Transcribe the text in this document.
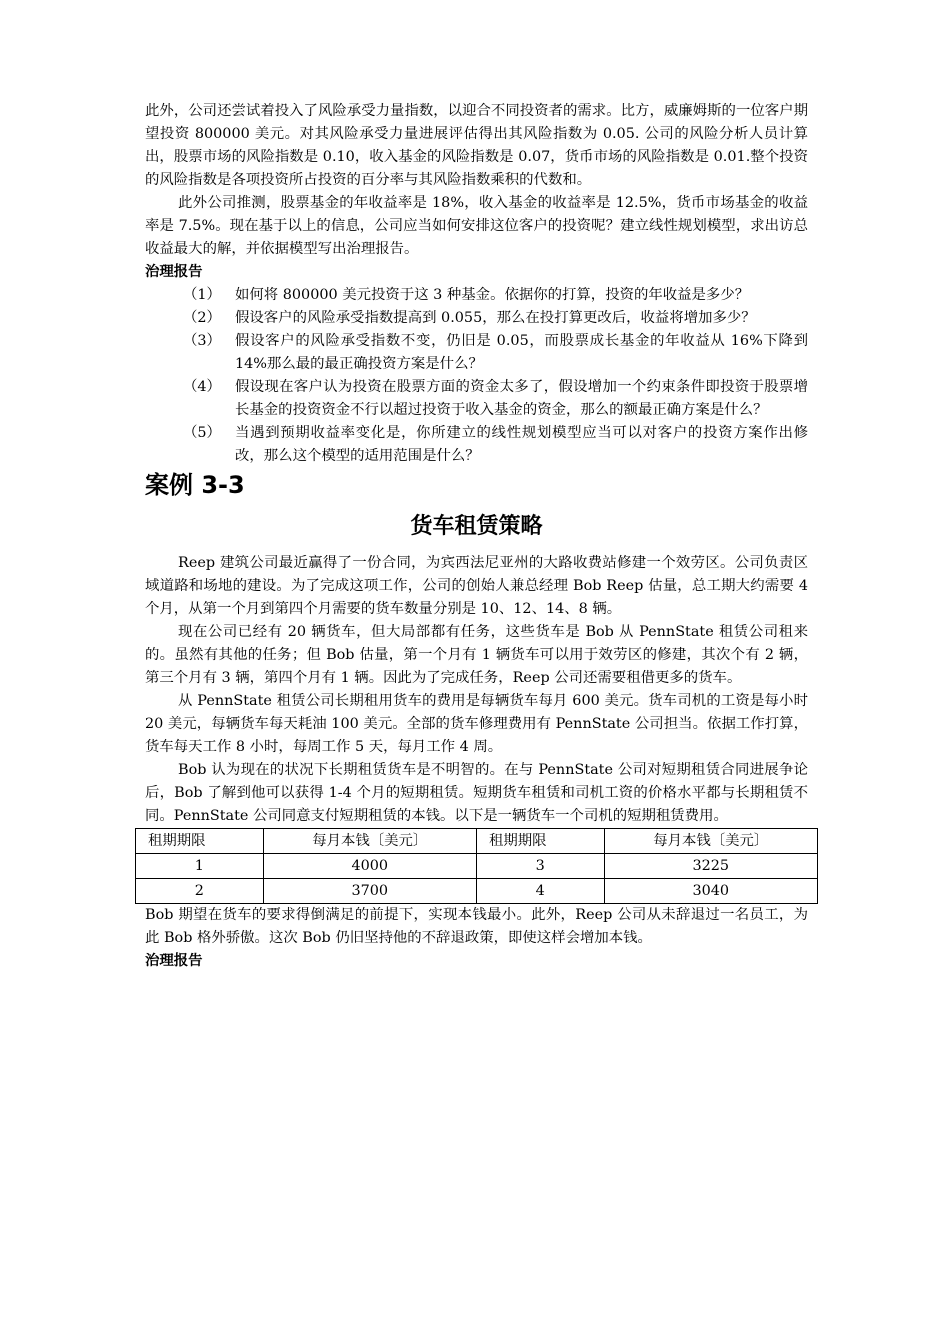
此外，公司还尝试着投入了风险承受力量指数，以迎合不同投资者的需求。比方，威廉姆斯的一位客户期望投资 800000 美元。对其风险承受力量进展评估得出其风险指数为 0.05. 公司的风险分析人员计算出，股票市场的风险指数是 0.10，收入基金的风险指数是 0.07，货币市场的风险指数是 0.01.整个投资的风险指数是各项投资所占投资的百分率与其风险指数乘积的代数和。

此外公司推测，股票基金的年收益率是 18%，收入基金的收益率是 12.5%，货币市场基金的收益率是 7.5%。现在基于以上的信息，公司应当如何安排这位客户的投资呢？建立线性规划模型，求出访总收益最大的解，并依据模型写出治理报告。

治理报告
（1） 如何将 800000 美元投资于这 3 种基金。依据你的打算，投资的年收益是多少？
（2） 假设客户的风险承受指数提高到 0.055，那么在投打算更改后，收益将增加多少？
（3） 假设客户的风险承受指数不变，仍旧是 0.05，而股票成长基金的年收益从 16%下降到 14%那么最的最正确投资方案是什么？
（4） 假设现在客户认为投资在股票方面的资金太多了，假设增加一个约束条件即投资于股票增长基金的投资资金不行以超过投资于收入基金的资金，那么的额最正确方案是什么？
（5） 当遇到预期收益率变化是，你所建立的线性规划模型应当可以对客户的投资方案作出修改，那么这个模型的适用范围是什么？
案例 3-3
货车租赁策略

Reep 建筑公司最近赢得了一份合同，为宾西法尼亚州的大路收费站修建一个效劳区。公司负责区域道路和场地的建设。为了完成这项工作，公司的创始人兼总经理 Bob Reep 估量，总工期大约需要 4 个月，从第一个月到第四个月需要的货车数量分别是 10、12、14、8 辆。

现在公司已经有 20 辆货车，但大局部都有任务，这些货车是 Bob 从 PennState 租赁公司租来的。虽然有其他的任务；但 Bob 估量，第一个月有 1 辆货车可以用于效劳区的修建，其次个有 2 辆，第三个月有 3 辆，第四个月有 1 辆。因此为了完成任务，Reep 公司还需要租借更多的货车。

从 PennState 租赁公司长期租用货车的费用是每辆货车每月 600 美元。货车司机的工资是每小时 20 美元，每辆货车每天耗油 100 美元。全部的货车修理费用有 PennState 公司担当。依据工作打算，货车每天工作 8 小时，每周工作 5 天，每月工作 4 周。

Bob 认为现在的状况下长期租赁货车是不明智的。在与 PennState 公司对短期租赁合同进展争论后，Bob 了解到他可以获得 1-4 个月的短期租赁。短期货车租赁和司机工资的价格水平都与长期租赁不同。PennState 公司同意支付短期租赁的本钱。以下是一辆货车一个司机的短期租赁费用。

租期期限	每月本钱〔美元〕	租期期限	每月本钱〔美元〕
1	4000	3	3225
2	3700	4	3040

Bob 期望在货车的要求得倒满足的前提下，实现本钱最小。此外，Reep 公司从未辞退过一名员工，为此 Bob 格外骄傲。这次 Bob 仍旧坚持他的不辞退政策，即使这样会增加本钱。

治理报告
